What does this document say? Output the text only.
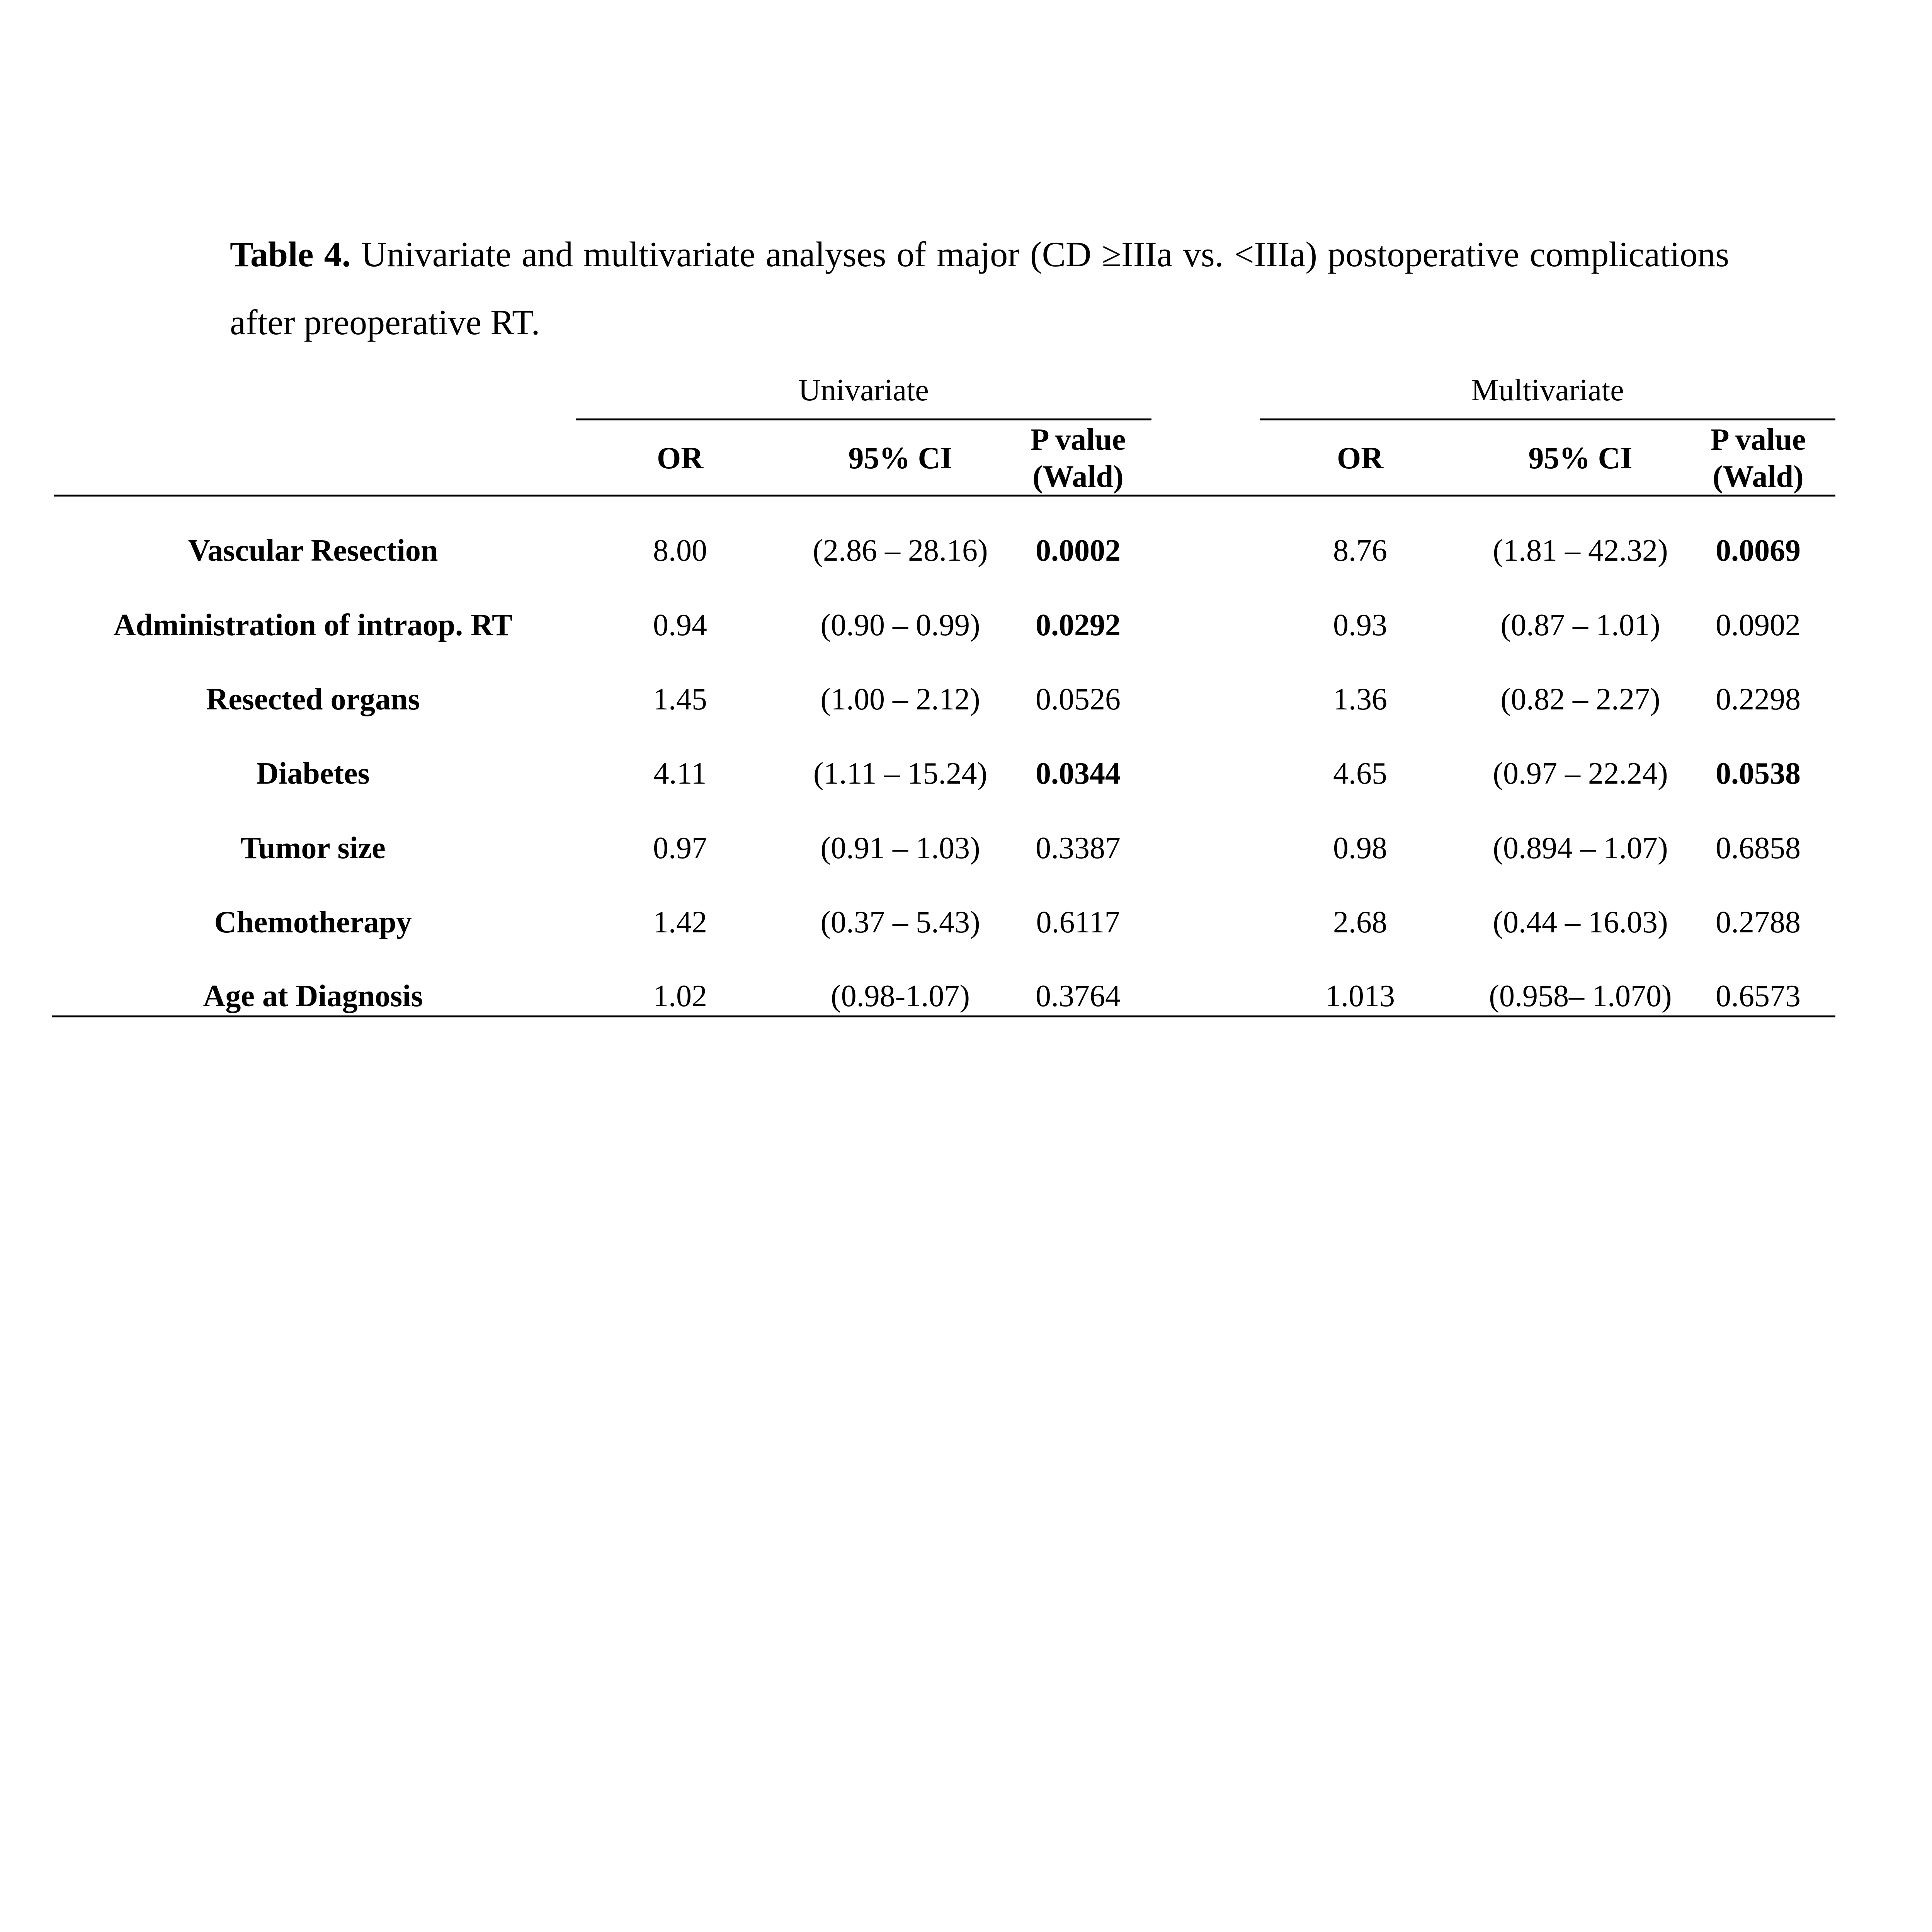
Table 4. Univariate and multivariate analyses of major (CD ≥IIIa vs. <IIIa) postoperative complications after preoperative RT.
Univariate	Multivariate
OR	95% CI
P value
(Wald)
OR	95% CI
P value
(Wald)
Vascular Resection	8.00	(2.86 – 28.16)	0.0002	8.76	(1.81 – 42.32)	0.0069
Administration of intraop. RT	0.94	(0.90 – 0.99)	0.0292	0.93	(0.87 – 1.01)	0.0902
Resected organs	1.45	(1.00 – 2.12)	0.0526	1.36	(0.82 – 2.27)	0.2298
Diabetes	4.11	(1.11 – 15.24)	0.0344	4.65	(0.97 – 22.24)	0.0538
Tumor size	0.97	(0.91 – 1.03)	0.3387	0.98	(0.894 – 1.07)	0.6858
Chemotherapy	1.42	(0.37 – 5.43)	0.6117	2.68	(0.44 – 16.03)	0.2788
Age at Diagnosis	1.02	(0.98-1.07)	0.3764	1.013	(0.958– 1.070)	0.6573
